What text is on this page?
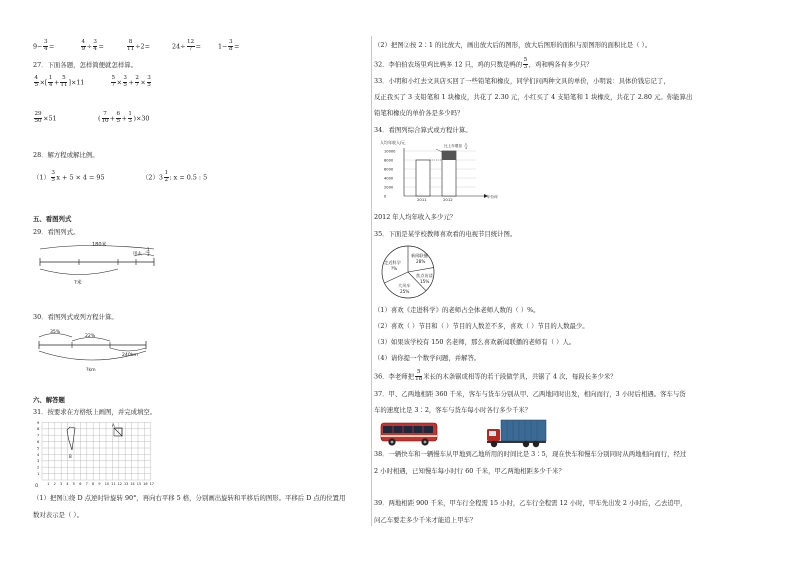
$9- \frac{3}{4}$ =	$\frac{4}{9} \div \frac{3}{4}$ =	$\frac{8}{11} \div 2=$	$24\div \frac{12}{7}$ =	$1- \frac{3}{8}$ =
27．下面各题，怎样简便就怎样算。
$\frac{4}{5}$ ×[ $\frac{1}{4} + \frac{5}{11} ]\times 11$	$\frac{5}{7} \times \frac{3}{5} + \frac{2}{7} \times \frac{3}{5}$
$\frac{29}{50} \times 51$	( $\frac{7}{10} + \frac{6}{5} + \frac{1}{3} )\times 30$
28．解方程或解比例。
$(1) \frac{3}{5}$ x + 5 × 4 = 95	$(2)3 \frac{1}{2}$ : x = 0.5 : 5
五、看图列式
29．看图列式。
180米
用去
1
3
?米
30．看图列式或列方程计算。
35%
22%
240km
?km
六、解答题
31．按要求在方格纸上画图，并完成填空。
1
2
3
4
5
6
7
8
9
1 2 3 4 5 6 7 8 9 10 11 12 13 14 15 16 17
B
A
O
（1）把图①绕 D 点逆时针旋转 90°，再向右平移 5 格，分别画出旋转和平移后的图形。平移后 D 点的位置用
数对表示是（ ）。
（2）把图②按 2∶1 的比放大，画出放大后的图形，放大后图形的面积与原图形的面积比是（ ）。
32．李伯伯农场里鸡比鸭多 12 只，鸡的只数是鸭的 $\frac{5}{3}$ ，鸡和鸭各有多少只？
33．小明和小红去文具店买回了一些铅笔和橡皮，同学们问两种文具的单价，小明说：具体价钱忘记了，
反正我买了 3 支铅笔和 1 块橡皮，共花了 2.30 元，小红买了 4 支铅笔和 1 块橡皮，共花了 2.80 元。你能算出
铅笔和橡皮的单价各是多少吗？
34．看图列综合算式或方程计算。
人均年收入/元
10000
8000
6000
4000
2000
0
比上年增加 1
4
2011	2012	年份/年
2012 年人均年收入多少元？
35．下面是某学校教师喜欢看的电视节目统计图。
走近科学
?%
新闻联播
28%
焦点访谈
15%
大风车
25%
（1）喜欢《走进科学》的老师占全体老师人数的（ ）%。
（2）喜欢（ ）节目和（ ）节目的人数差不多，喜欢（ ）节目的人数最少。
（3）如果该学校有 150 名老师，那么喜欢新闻联播的老师有（ ）人。
（4）请你提一个数学问题，并解答。
36．李老师把 $\frac{5}{18}$ 米长的木条锯成相等的若干段做学具，共锯了 4 次，每段长多少米？
37．甲、乙两地相距 360 千米，客车与货车分别从甲、乙两地同时出发，相向而行，3 小时后相遇。客车与货
车的速度比是 3∶2，客车与货车每小时各行多少千米？
38．一辆快车和一辆慢车从甲地到乙地所用的时间比是 3∶5，现在快车和慢车分别同时从两地相向而行，经过
2 小时相遇，已知慢车每小时行 60 千米，甲乙两地相距多少千米？
39．两地相距 900 千米，甲车行全程需 15 小时，乙车行全程需 12 小时，甲车先出发 2 小时后，乙去追甲，
问乙车要走多少千米才能追上甲车？
